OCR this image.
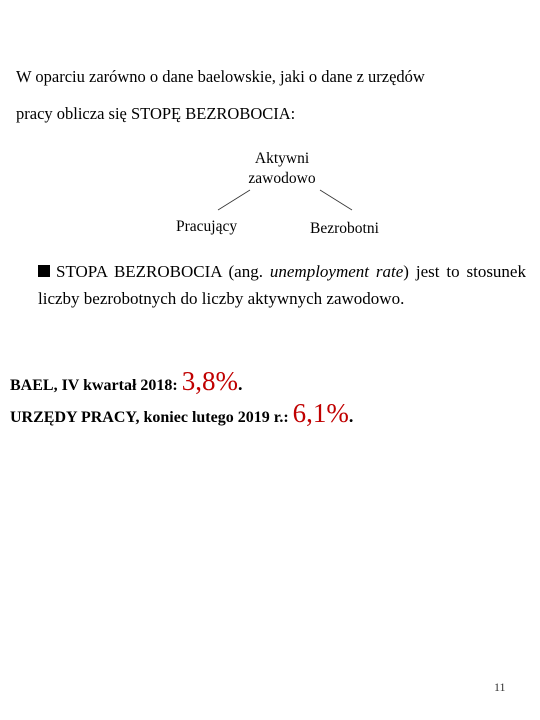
W oparciu zarówno o dane baelowskie, jaki o dane z urzędów
pracy oblicza się STOPĘ BEZROBOCIA:
Aktywni
zawodowo
Pracujący	Bezrobotni
STOPA BEZROBOCIA (ang. unemployment rate) jest to stosunek liczby bezrobotnych do liczby aktywnych zawodowo.
BAEL, IV kwartał 2018: 3,8%.
URZĘDY PRACY, koniec lutego 2019 r.: 6,1%.
11
